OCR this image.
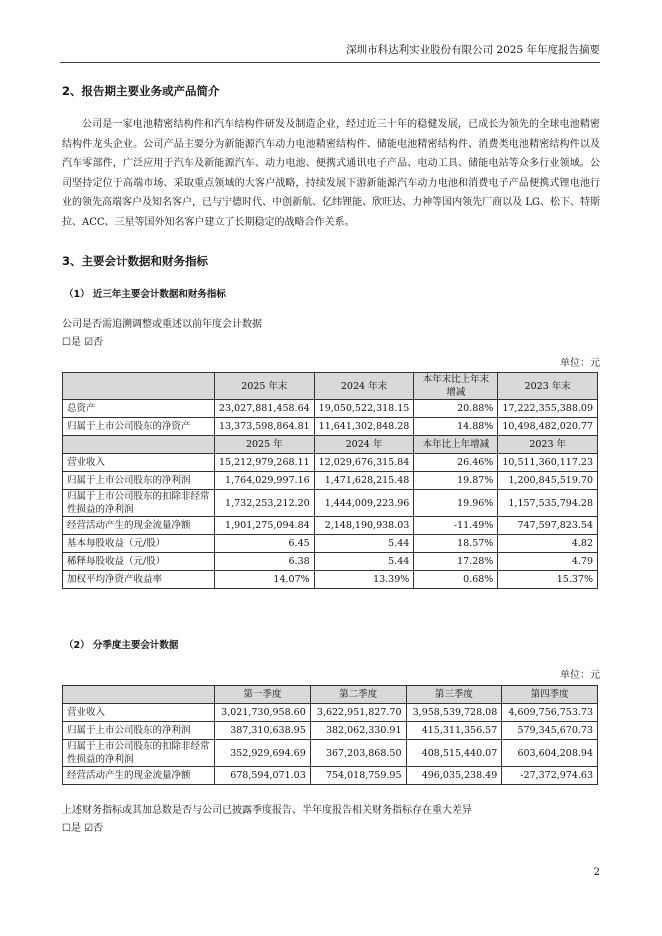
深圳市科达利实业股份有限公司 2025 年年度报告摘要
2、报告期主要业务或产品简介
公司是一家电池精密结构件和汽车结构件研发及制造企业，经过近三十年的稳健发展，已成长为领先的全球电池精密结构件龙头企业。公司产品主要分为新能源汽车动力电池精密结构件、储能电池精密结构件、消费类电池精密结构件以及汽车零部件，广泛应用于汽车及新能源汽车、动力电池、便携式通讯电子产品、电动工具、储能电站等众多行业领域。公司坚持定位于高端市场、采取重点领域的大客户战略，持续发展下游新能源汽车动力电池和消费电子产品便携式锂电池行业的领先高端客户及知名客户，已与宁德时代、中创新航、亿纬锂能、欣旺达、力神等国内领先厂商以及 LG、松下、特斯拉、ACC、三星等国外知名客户建立了长期稳定的战略合作关系。
3、主要会计数据和财务指标
（1） 近三年主要会计数据和财务指标
公司是否需追溯调整或重述以前年度会计数据
☐是 ☑否
单位：元
	2025 年末	2024 年末	本年末比上年末增减	2023 年末
总资产	23,027,881,458.64	19,050,522,318.15	20.88%	17,222,355,388.09
归属于上市公司股东的净资产	13,373,598,864.81	11,641,302,848.28	14.88%	10,498,482,020.77
	2025 年	2024 年	本年比上年增减	2023 年
营业收入	15,212,979,268.11	12,029,676,315.84	26.46%	10,511,360,117.23
归属于上市公司股东的净利润	1,764,029,997.16	1,471,628,215.48	19.87%	1,200,845,519.70
归属于上市公司股东的扣除非经常性损益的净利润	1,732,253,212.20	1,444,009,223.96	19.96%	1,157,535,794.28
经营活动产生的现金流量净额	1,901,275,094.84	2,148,190,938.03	-11.49%	747,597,823.54
基本每股收益（元/股）	6.45	5.44	18.57%	4.82
稀释每股收益（元/股）	6.38	5.44	17.28%	4.79
加权平均净资产收益率	14.07%	13.39%	0.68%	15.37%
（2） 分季度主要会计数据
单位：元
	第一季度	第二季度	第三季度	第四季度
营业收入	3,021,730,958.60	3,622,951,827.70	3,958,539,728.08	4,609,756,753.73
归属于上市公司股东的净利润	387,310,638.95	382,062,330.91	415,311,356.57	579,345,670.73
归属于上市公司股东的扣除非经常性损益的净利润	352,929,694.69	367,203,868.50	408,515,440.07	603,604,208.94
经营活动产生的现金流量净额	678,594,071.03	754,018,759.95	496,035,238.49	-27,372,974.63
上述财务指标或其加总数是否与公司已披露季度报告、半年度报告相关财务指标存在重大差异
☐是 ☑否
2
